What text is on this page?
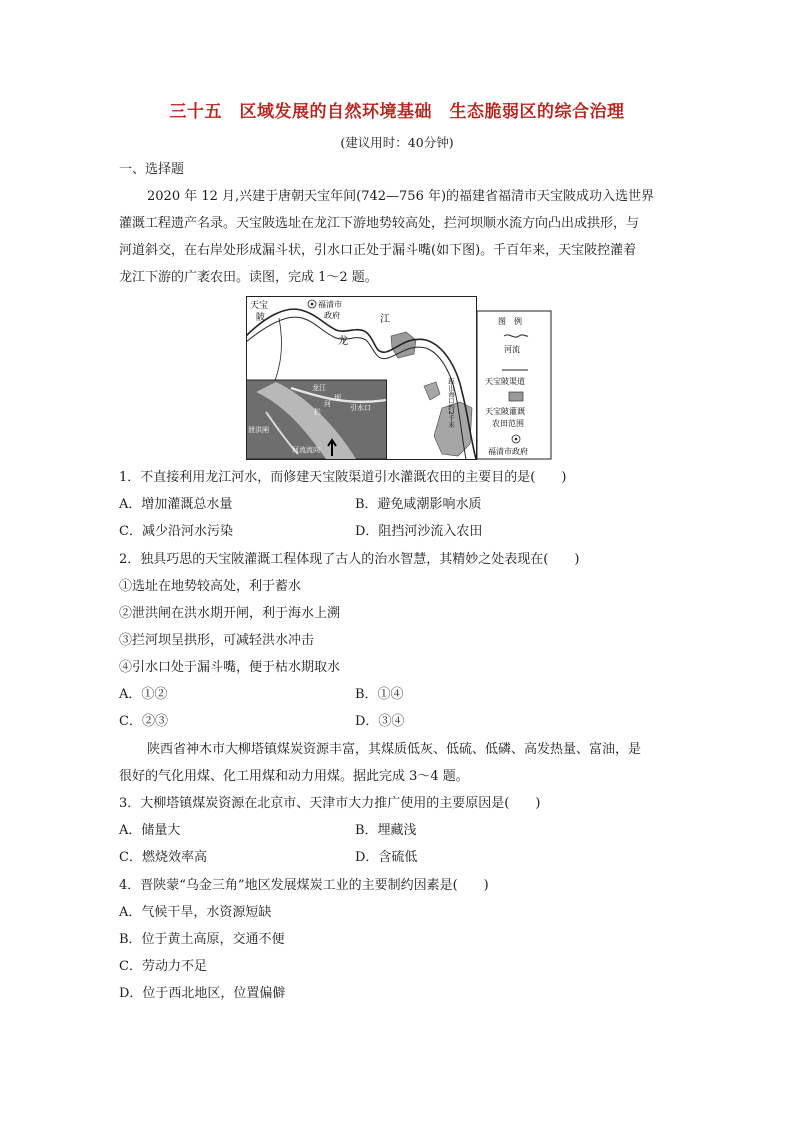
三十五　区域发展的自然环境基础　生态脆弱区的综合治理
(建议用时：40分钟)
一、选择题
2020 年 12 月,兴建于唐朝天宝年间(742—756 年)的福建省福清市天宝陂成功入选世界
灌溉工程遗产名录。天宝陂选址在龙江下游地势较高处，拦河坝顺水流方向凸出成拱形，与
河道斜交，在右岸处形成漏斗状，引水口正处于漏斗嘴(如下图)。千百年来，天宝陂控灌着
龙江下游的广袤农田。读图，完成 1～2 题。
天宝
陂
福清市
政府
龙
江
距出海口约2千米
龙江
拦
河
坝
引水口
泄洪闸
河流流向
图　例
河流
天宝陂渠道
天宝陂灌溉
农田范围
福清市政府
1．不直接利用龙江河水，而修建天宝陂渠道引水灌溉农田的主要目的是(　　)
A．增加灌溉总水量	B．避免咸潮影响水质
C．减少沿河水污染	D．阻挡河沙流入农田
2．独具巧思的天宝陂灌溉工程体现了古人的治水智慧，其精妙之处表现在(　　)
①选址在地势较高处，利于蓄水
②泄洪闸在洪水期开闸，利于海水上溯
③拦河坝呈拱形，可减轻洪水冲击
④引水口处于漏斗嘴，便于枯水期取水
A．①②	B．①④
C．②③	D．③④
陕西省神木市大柳塔镇煤炭资源丰富，其煤质低灰、低硫、低磷、高发热量、富油，是
很好的气化用煤、化工用煤和动力用煤。据此完成 3～4 题。
3．大柳塔镇煤炭资源在北京市、天津市大力推广使用的主要原因是(　　)
A．储量大	B．埋藏浅
C．燃烧效率高	D．含硫低
4．晋陕蒙“乌金三角”地区发展煤炭工业的主要制约因素是(　　)
A．气候干旱，水资源短缺
B．位于黄土高原，交通不便
C．劳动力不足
D．位于西北地区，位置偏僻
